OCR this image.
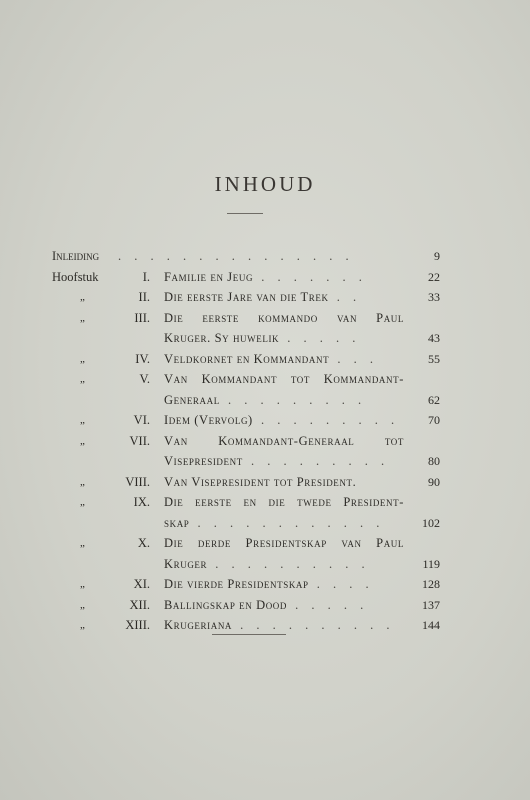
INHOUD
Inleiding . . . . . . . . . . . . . . .	9
Hoofstuk	I. Familie en Jeug . . . . . . .	22
„	II. Die eerste Jare van die Trek . .	33
„	III. Die eerste kommando van Paul
Kruger. Sy huwelik . . . . .	43
„	IV. Veldkornet en Kommandant . . .	55
„	V. Van Kommandant tot Kommandant-
Generaal . . . . . . . . .	62
„	VI. Idem (Vervolg) . . . . . . . . .	70
„	VII. Van Kommandant-Generaal tot
Visepresident . . . . . . . . .	80
„	VIII. Van Visepresident tot President.	90
„	IX. Die eerste en die twede President-
skap . . . . . . . . . . . .	102
„	X. Die derde Presidentskap van Paul
Kruger . . . . . . . . . .	119
„	XI. Die vierde Presidentskap . . . .	128
„	XII. Ballingskap en Dood . . . . .	137
„	XIII. Krugeriana . . . . . . . . . .	144
